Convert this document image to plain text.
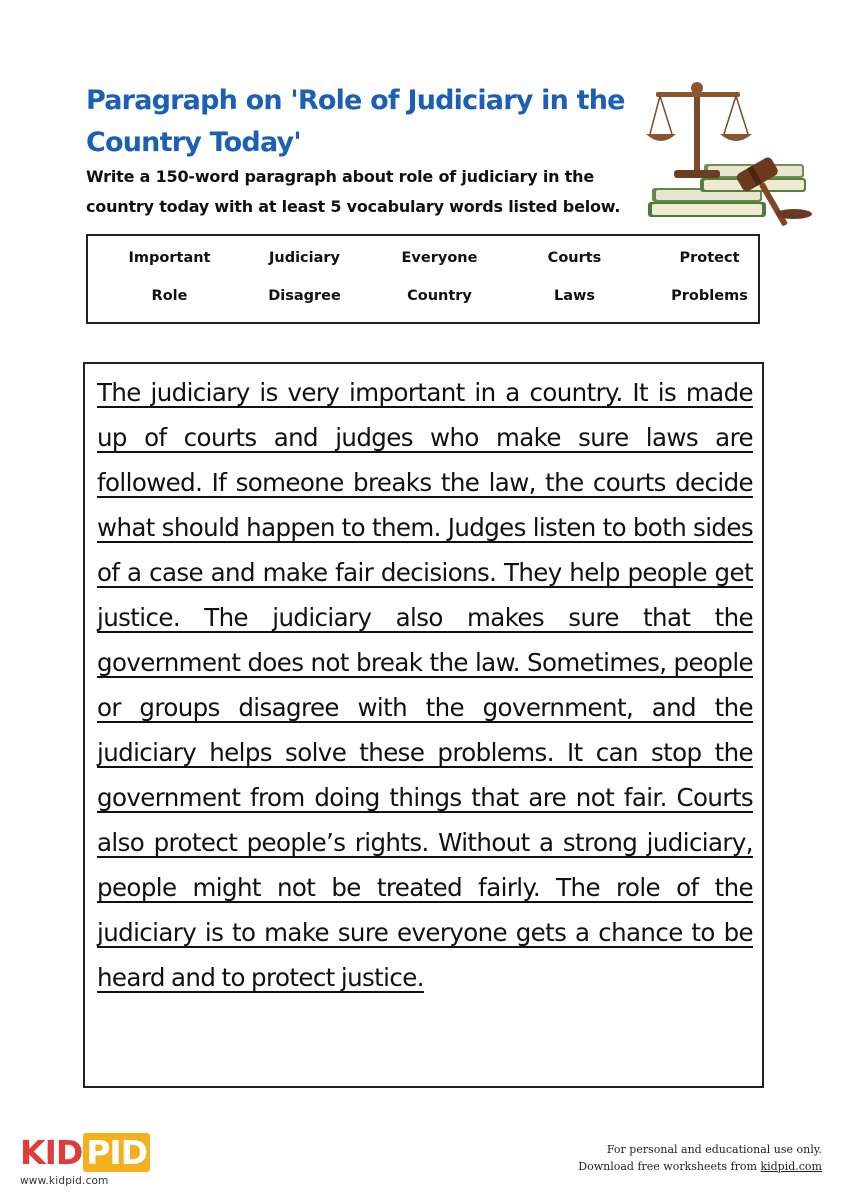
Paragraph on 'Role of Judiciary in the Country Today'
Write a 150-word paragraph about role of judiciary in the country today with at least 5 vocabulary words listed below.
Important	Judiciary	Everyone	Courts	Protect
Role	Disagree	Country	Laws	Problems

The judiciary is very important in a country. It is made up of courts and judges who make sure laws are followed. If someone breaks the law, the courts decide what should happen to them. Judges listen to both sides of a case and make fair decisions. They help people get justice. The judiciary also makes sure that the government does not break the law. Sometimes, people or groups disagree with the government, and the judiciary helps solve these problems. It can stop the government from doing things that are not fair. Courts also protect people’s rights. Without a strong judiciary, people might not be treated fairly. The role of the judiciary is to make sure everyone gets a chance to be heard and to protect justice.

KID PID
www.kidpid.com
For personal and educational use only.
Download free worksheets from kidpid.com
